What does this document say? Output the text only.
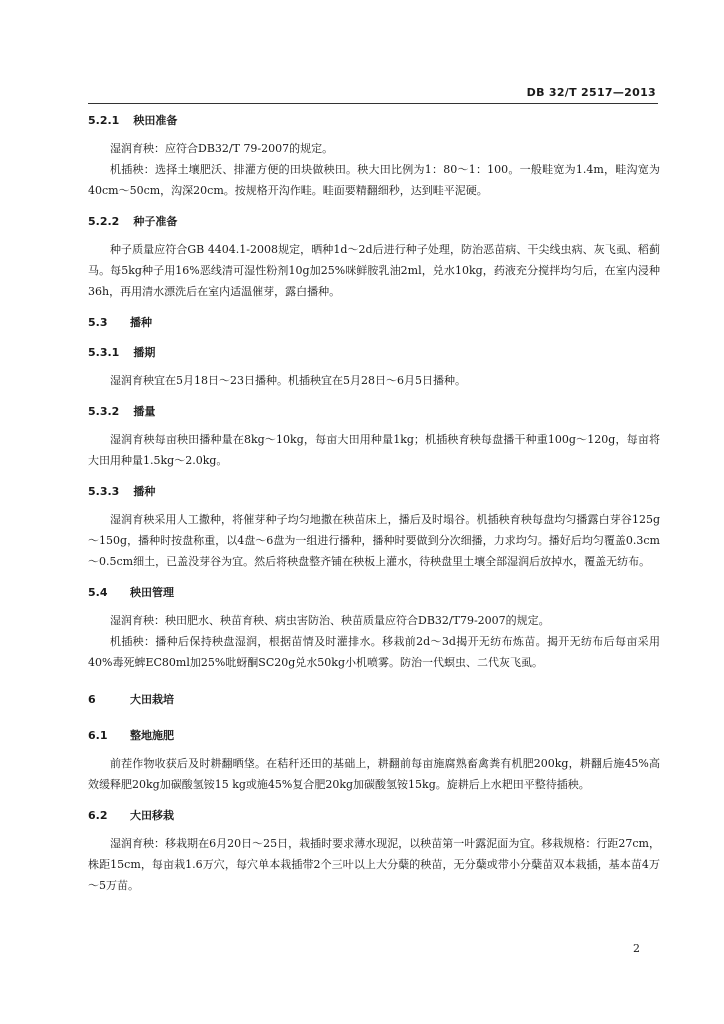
DB 32/T 2517—2013
5.2.1 秧田准备

湿润育秧：应符合DB32/T 79-2007的规定。

机插秧：选择土壤肥沃、排灌方便的田块做秧田。秧大田比例为1：80～1：100。一般畦宽为1.4m，畦沟宽为40cm～50cm，沟深20cm。按规格开沟作畦。畦面要精翻细秒，达到畦平泥硬。

5.2.2 种子准备

种子质量应符合GB 4404.1-2008规定，晒种1d～2d后进行种子处理，防治恶苗病、干尖线虫病、灰飞虱、稻蓟马。每5kg种子用16%恶线清可湿性粉剂10g加25%咪鲜胺乳油2ml，兑水10kg，药液充分搅拌均匀后，在室内浸种36h，再用清水漂洗后在室内适温催芽，露白播种。

5.3	播种
5.3.1 播期

湿润育秧宜在5月18日～23日播种。机插秧宜在5月28日～6月5日播种。

5.3.2 播量

湿润育秧每亩秧田播种量在8kg～10kg，每亩大田用种量1kg；机插秧育秧每盘播干种重100g～120g，每亩将大田用种量1.5kg～2.0kg。

5.3.3 播种

湿润育秧采用人工撒种，将催芽种子均匀地撒在秧苗床上，播后及时塌谷。机插秧育秧每盘均匀播露白芽谷125g～150g，播种时按盘称重，以4盘～6盘为一组进行播种，播种时要做到分次细播，力求均匀。播好后均匀覆盖0.3cm～0.5cm细土，已盖没芽谷为宜。然后将秧盘整齐铺在秧板上灌水，待秧盘里土壤全部湿润后放掉水，覆盖无纺布。

5.4	秧田管理

湿润育秧：秧田肥水、秧苗育秧、病虫害防治、秧苗质量应符合DB32/T79-2007的规定。

机插秧：播种后保持秧盘湿润，根据苗情及时灌排水。移栽前2d～3d揭开无纺布炼苗。揭开无纺布后每亩采用40%毒死蜱EC80ml加25%吡蚜酮SC20g兑水50kg小机喷雾。防治一代螟虫、二代灰飞虱。

6	大田栽培
6.1	整地施肥

前茬作物收获后及时耕翻晒垡。在秸秆还田的基础上，耕翻前每亩施腐熟畜禽粪有机肥200kg，耕翻后施45%高效缓释肥20kg加碳酸氢铵15 kg或施45%复合肥20kg加碳酸氢铵15kg。旋耕后上水耙田平整待插秧。

6.2	大田移栽

湿润育秧：移栽期在6月20日～25日，栽插时要求薄水现泥，以秧苗第一叶露泥面为宜。移栽规格：行距27cm，株距15cm，每亩栽1.6万穴，每穴单本栽插带2个三叶以上大分蘖的秧苗，无分蘖或带小分蘖苗双本栽插，基本苗4万～5万苗。

2
